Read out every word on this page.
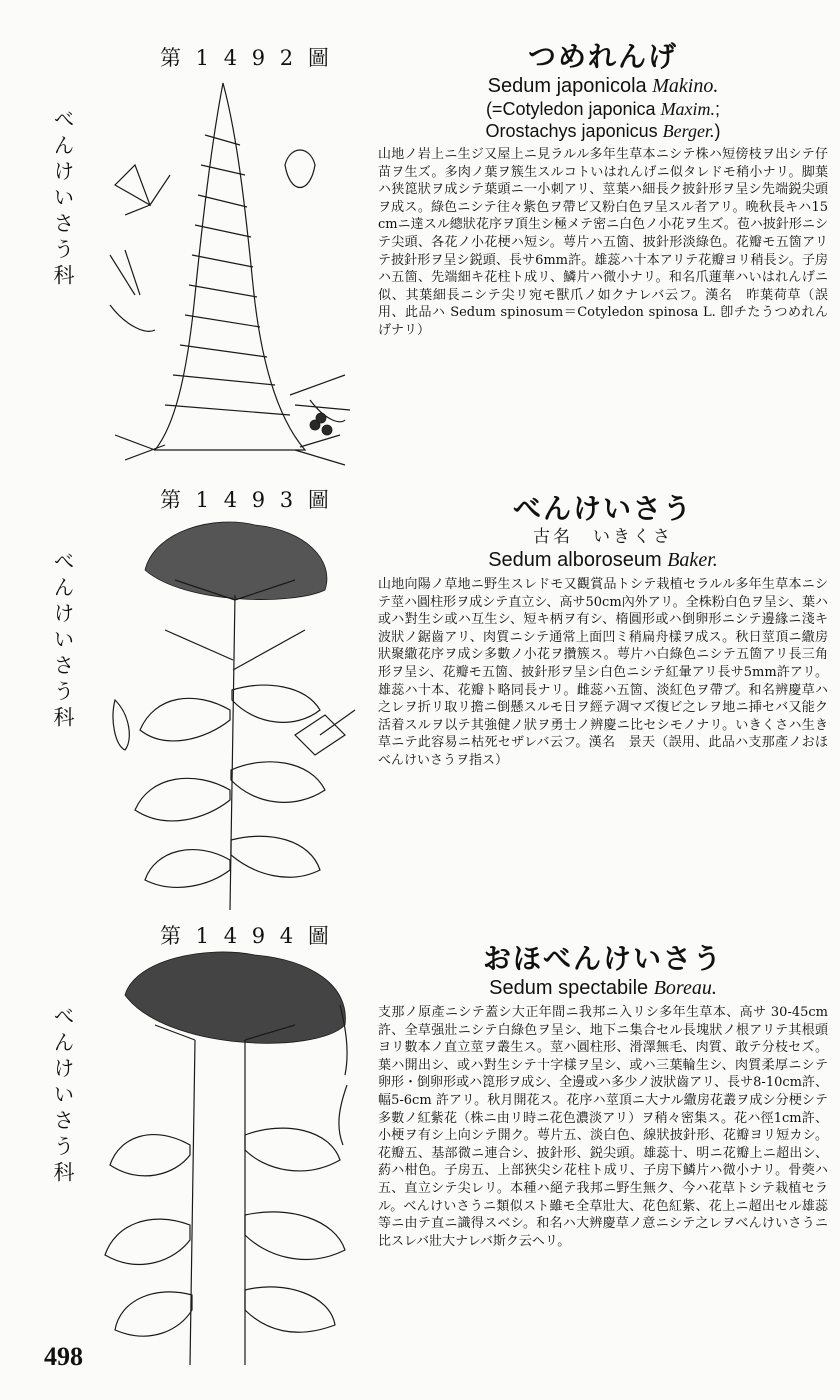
第 1 4 9 2 圖
べんけいさう科
つめれんげ
Sedum japonicola Makino.
(=Cotyledon japonica Maxim.;
Orostachys japonicus Berger.)
山地ノ岩上ニ生ジ又屋上ニ見ラルル多年生草本ニシテ株ハ短傍枝ヲ出シテ仔苗ヲ生ズ。多肉ノ葉ヲ簇生スルコトいはれんげニ似タレドモ稍小ナリ。脚葉ハ狭箆狀ヲ成シテ葉頭ニ一小刺アリ、莖葉ハ細長ク披針形ヲ呈シ先端鋭尖頭ヲ成ス。綠色ニシテ往々紫色ヲ帶ビ又粉白色ヲ呈スル者アリ。晩秋長キハ15cmニ達スル總狀花序ヲ頂生シ極メテ密ニ白色ノ小花ヲ生ズ。苞ハ披針形ニシテ尖頭、各花ノ小花梗ハ短シ。萼片ハ五箇、披針形淡綠色。花瓣モ五箇アリテ披針形ヲ呈シ鋭頭、長サ6mm許。雄蕊ハ十本アリテ花瓣ヨリ稍長シ。子房ハ五箇、先端細キ花柱ト成リ、鱗片ハ微小ナリ。和名爪蓮華ハいはれんげニ似、其葉細長ニシテ尖リ宛モ獸爪ノ如クナレバ云フ。漢名　昨葉荷草（誤用、此品ハ Sedum spinosum＝Cotyledon spinosa L. 卽チたうつめれんげナリ）
第 1 4 9 3 圖
べんけいさう科
べんけいさう
古名　いきくさ
Sedum alboroseum Baker.
山地向陽ノ草地ニ野生スレドモ又觀賞品トシテ栽植セラルル多年生草本ニシテ莖ハ圓柱形ヲ成シテ直立シ、高サ50cm內外アリ。全株粉白色ヲ呈シ、葉ハ或ハ對生シ或ハ互生シ、短キ柄ヲ有シ、楕圓形或ハ倒卵形ニシテ邊緣ニ淺キ波狀ノ鋸齒アリ、肉質ニシテ通常上面凹ミ稍扁舟樣ヲ成ス。秋日莖頂ニ繖房狀聚繖花序ヲ成シ多數ノ小花ヲ攢簇ス。萼片ハ白綠色ニシテ五箇アリ長三角形ヲ呈シ、花瓣モ五箇、披針形ヲ呈シ白色ニシテ紅暈アリ長サ5mm許アリ。雄蕊ハ十本、花瓣ト略同長ナリ。雌蕊ハ五箇、淡紅色ヲ帶ブ。和名辨慶草ハ之レヲ折リ取リ擔ニ倒懸スルモ日ヲ經テ凋マズ復ビ之レヲ地ニ挿セバ又能ク活着スルヲ以テ其強健ノ狀ヲ勇士ノ辨慶ニ比セシモノナリ。いきくさハ生き草ニテ此容易ニ枯死セザレバ云フ。漢名　景天（誤用、此品ハ支那產ノおほべんけいさうヲ指ス）
第 1 4 9 4 圖
べんけいさう科
おほべんけいさう
Sedum spectabile Boreau.
支那ノ原產ニシテ蓋シ大正年間ニ我邦ニ入リシ多年生草本、高サ 30-45cm 許、全草强壯ニシテ白綠色ヲ呈シ、地下ニ集合セル長塊狀ノ根アリテ其根頭ヨリ數本ノ直立莖ヲ叢生ス。莖ハ圓柱形、滑澤無毛、肉質、敢テ分枝セズ。葉ハ開出シ、或ハ對生シテ十字樣ヲ呈シ、或ハ三葉輪生シ、肉質柔厚ニシテ卵形・倒卵形或ハ箆形ヲ成シ、全邊或ハ多少ノ波狀齒アリ、長サ8-10cm許、幅5-6cm 許アリ。秋月開花ス。花序ハ莖頂ニ大ナル繖房花叢ヲ成シ分梗シテ多數ノ紅紫花（株ニ由リ時ニ花色濃淡アリ）ヲ稍々密集ス。花ハ徑1cm許、小梗ヲ有シ上向シテ開ク。萼片五、淡白色、線狀披針形、花瓣ヨリ短カシ。花瓣五、基部微ニ連合シ、披針形、鋭尖頭。雄蕊十、明ニ花瓣上ニ超出シ、葯ハ柑色。子房五、上部狹尖シ花柱ト成リ、子房下鱗片ハ微小ナリ。骨葖ハ五、直立シテ尖レリ。本種ハ絕テ我邦ニ野生無ク、今ハ花草トシテ栽植セラル。べんけいさうニ類似スト雖モ全草壯大、花色紅紫、花上ニ超出セル雄蕊等ニ由テ直ニ識得スベシ。和名ハ大辨慶草ノ意ニシテ之レヲべんけいさうニ比スレバ壯大ナレバ斯ク云ヘリ。
498
